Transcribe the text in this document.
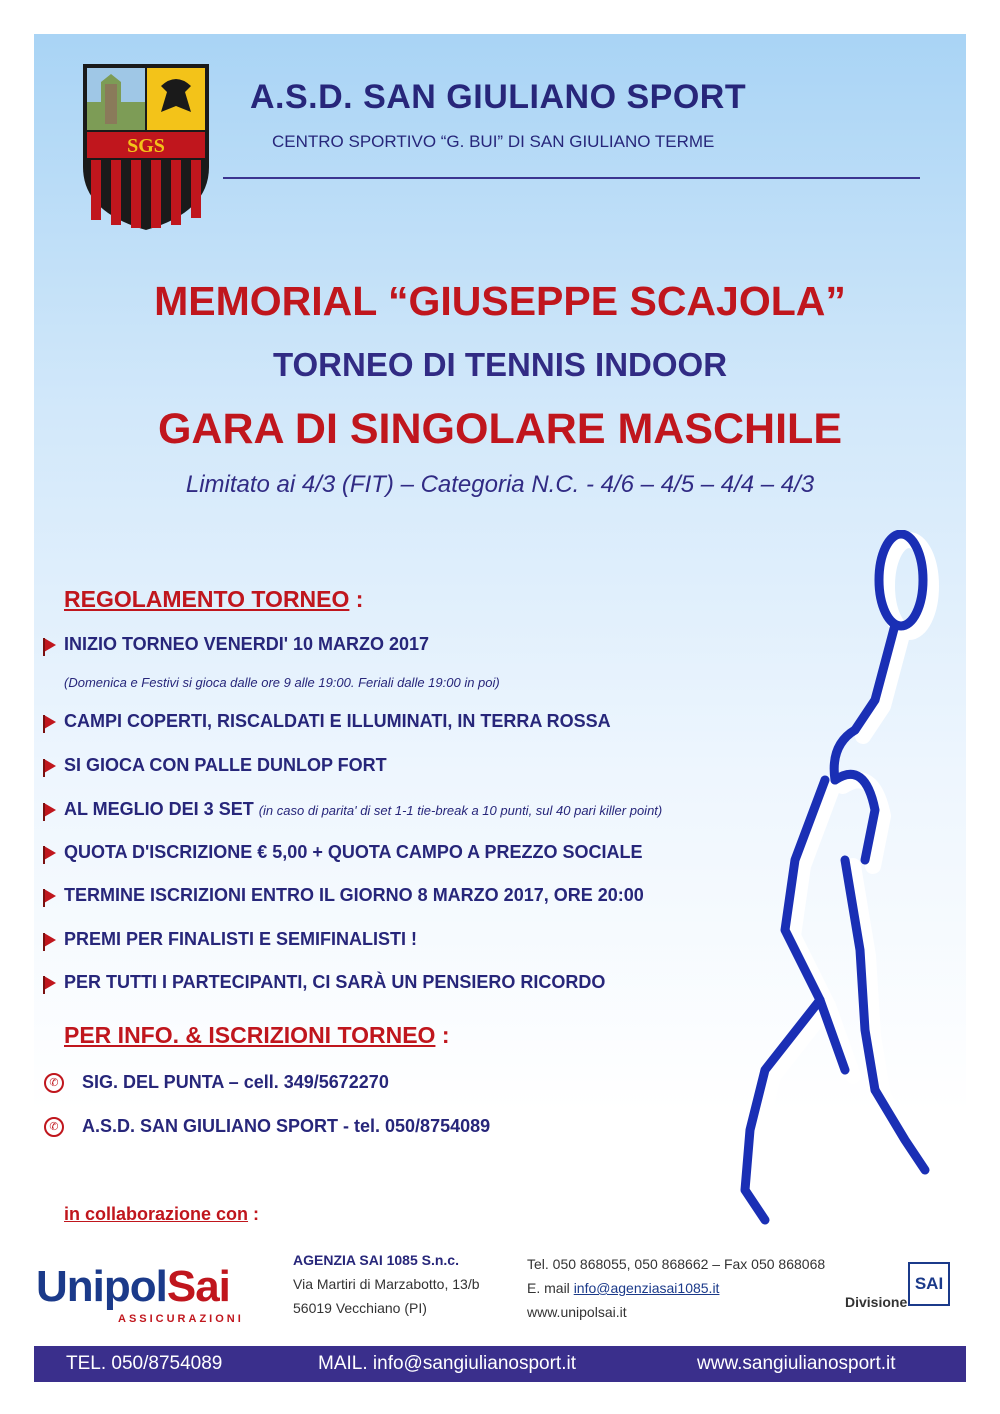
SGS
A.S.D. SAN GIULIANO SPORT
CENTRO SPORTIVO “G. BUI” DI SAN GIULIANO TERME
MEMORIAL “GIUSEPPE SCAJOLA”
TORNEO DI TENNIS INDOOR
GARA DI SINGOLARE MASCHILE
Limitato ai 4/3 (FIT) – Categoria N.C. - 4/6 – 4/5 – 4/4 – 4/3
REGOLAMENTO TORNEO :
INIZIO TORNEO VENERDI' 10 MARZO 2017
(Domenica e Festivi si gioca dalle ore 9 alle 19:00. Feriali dalle 19:00 in poi)
CAMPI COPERTI, RISCALDATI E ILLUMINATI, IN TERRA ROSSA
SI GIOCA CON PALLE DUNLOP FORT
AL MEGLIO DEI 3 SET (in caso di parita' di set 1-1 tie-break a 10 punti, sul 40 pari killer point)
QUOTA D'ISCRIZIONE € 5,00 + QUOTA CAMPO A PREZZO SOCIALE
TERMINE ISCRIZIONI ENTRO IL GIORNO 8 MARZO 2017, ORE 20:00
PREMI PER FINALISTI E SEMIFINALISTI !
PER TUTTI I PARTECIPANTI, CI SARÀ UN PENSIERO RICORDO
PER INFO. & ISCRIZIONI TORNEO :
✆ SIG. DEL PUNTA – cell. 349/5672270
✆ A.S.D. SAN GIULIANO SPORT - tel. 050/8754089
in collaborazione con :
UnipolSai
ASSICURAZIONI
AGENZIA SAI 1085 S.n.c.
Via Martiri di Marzabotto, 13/b
56019 Vecchiano (PI)
Tel. 050 868055, 050 868662 – Fax 050 868068
E. mail info@agenziasai1085.it
www.unipolsai.it
Divisione
SAI
TEL. 050/8754089	MAIL. info@sangiulianosport.it	www.sangiulianosport.it
